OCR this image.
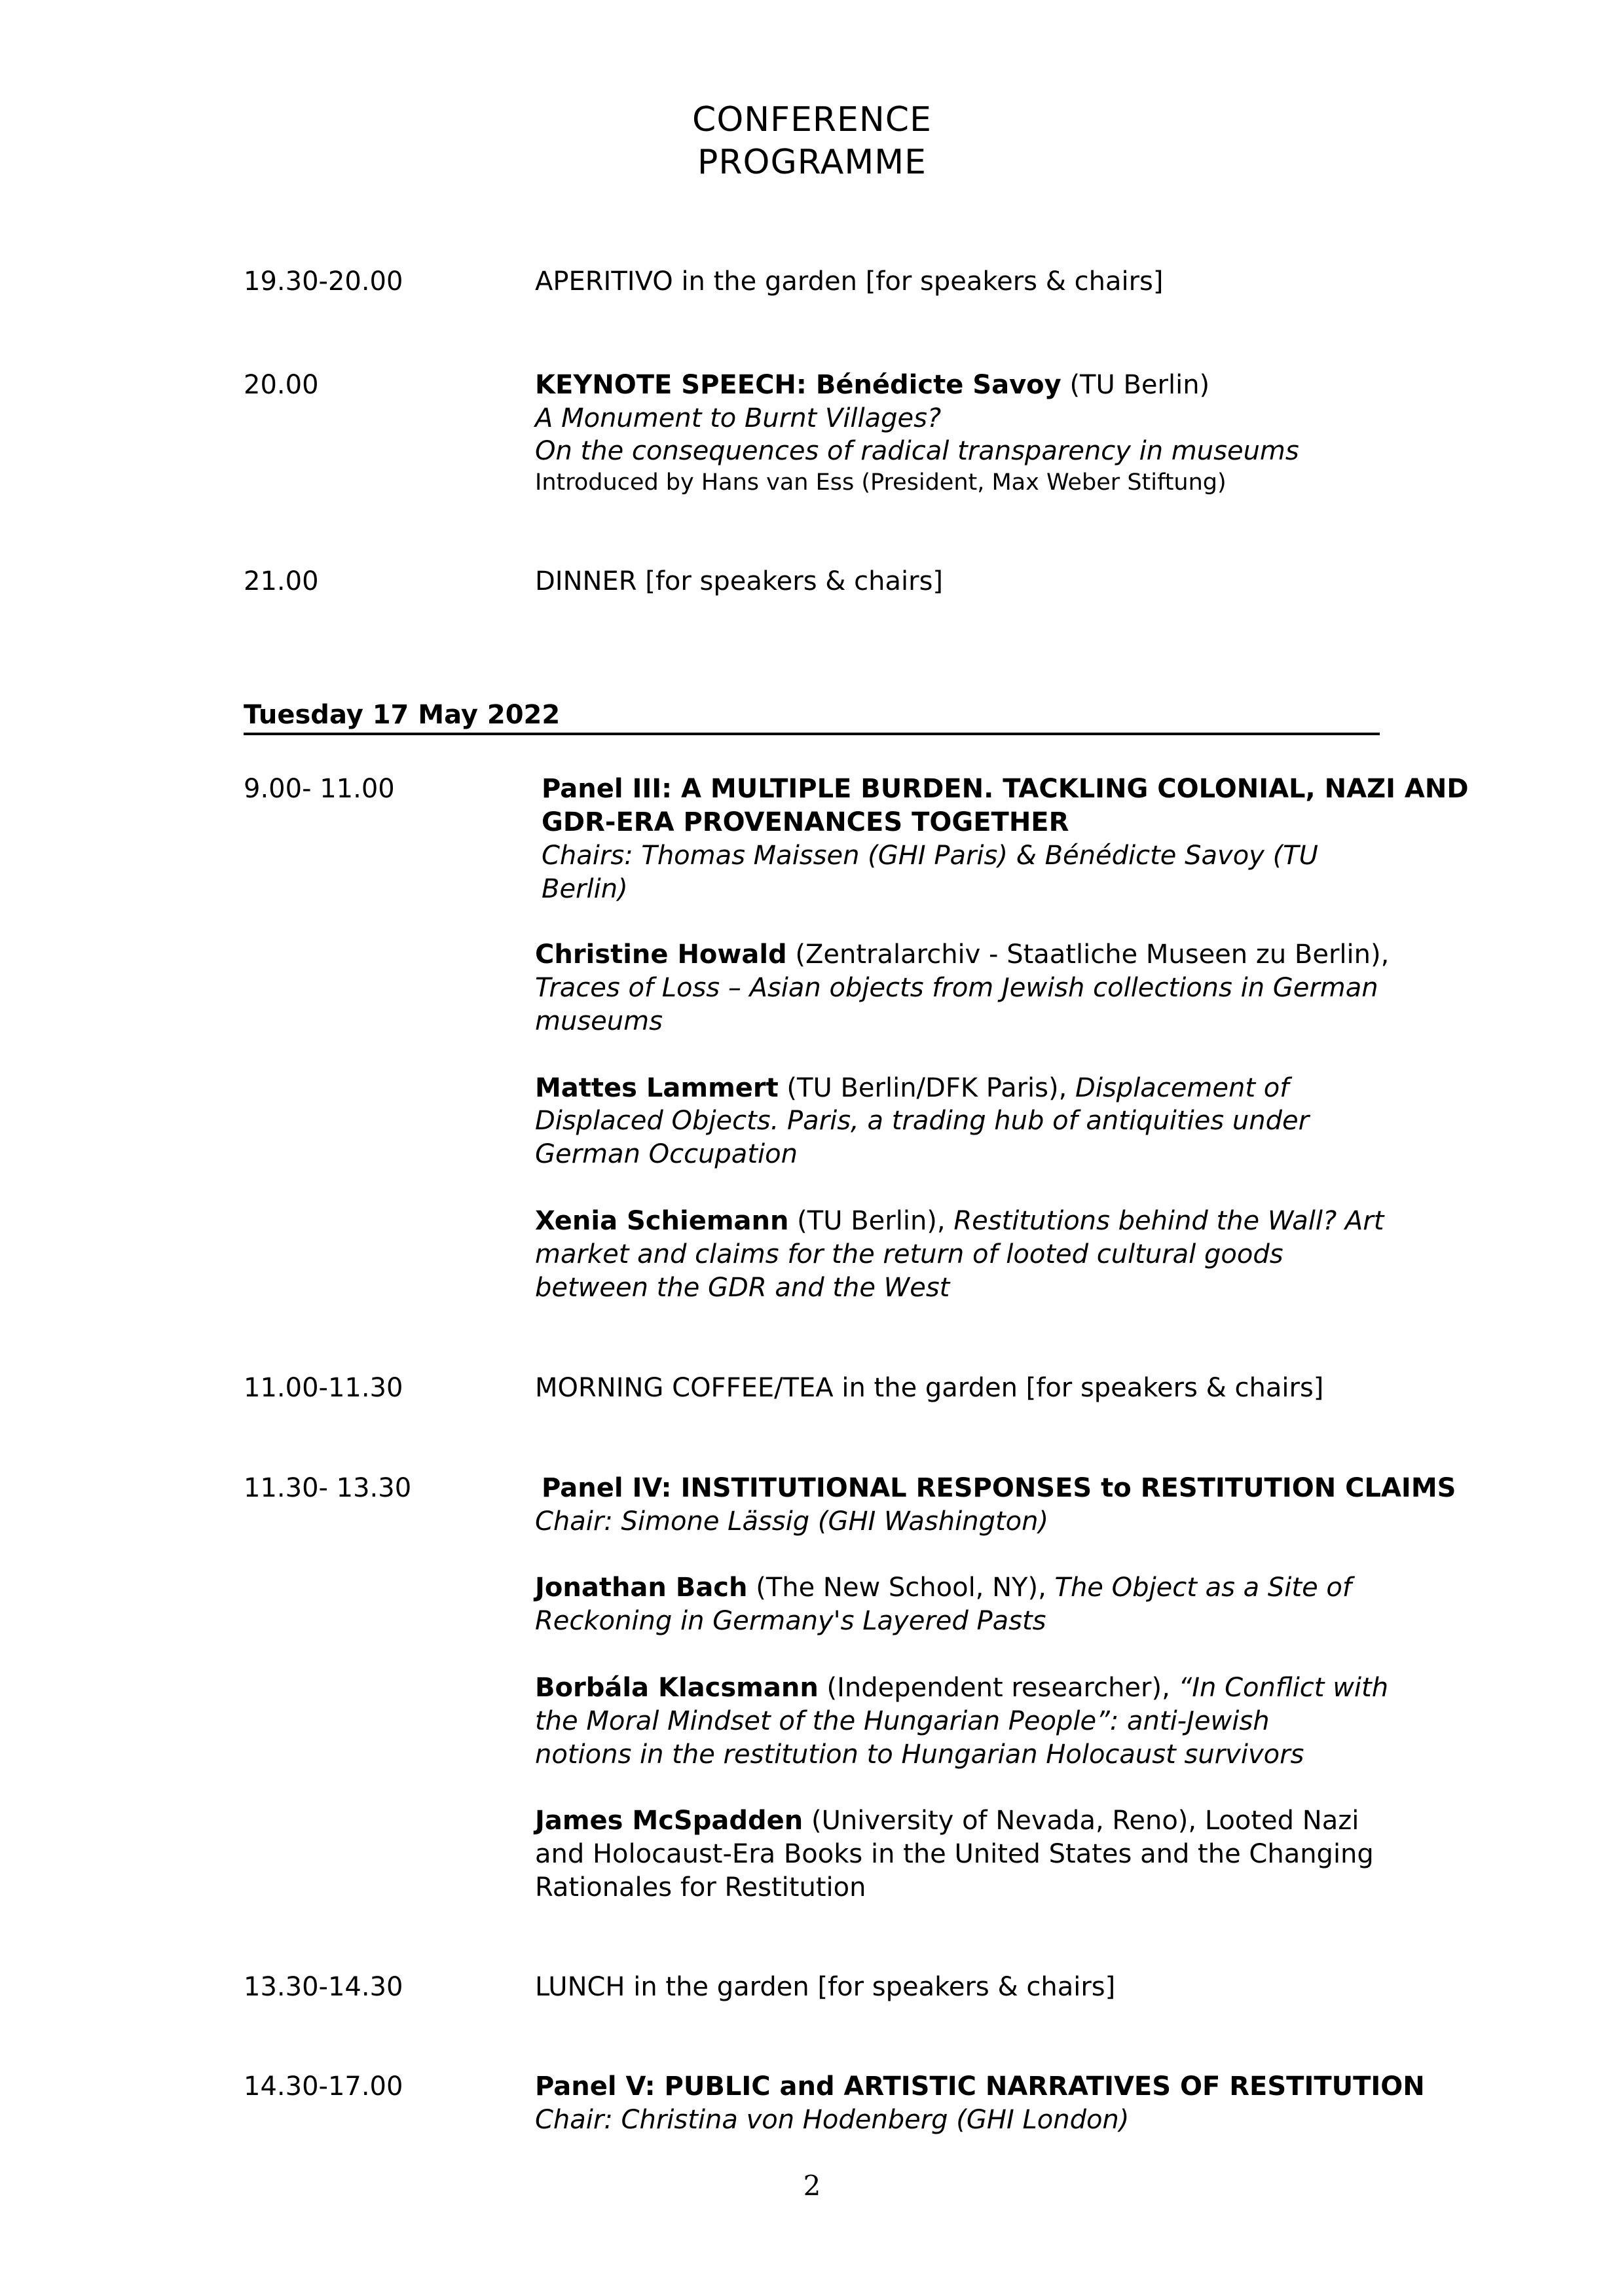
CONFERENCE
PROGRAMME
19.30-20.00	APERITIVO in the garden [for speakers & chairs]
20.00	KEYNOTE SPEECH: Bénédicte Savoy (TU Berlin)
A Monument to Burnt Villages?
On the consequences of radical transparency in museums
Introduced by Hans van Ess (President, Max Weber Stiftung)
21.00	DINNER [for speakers & chairs]
Tuesday 17 May 2022
9.00- 11.00	Panel III: A MULTIPLE BURDEN. TACKLING COLONIAL, NAZI AND
GDR-ERA PROVENANCES TOGETHER
Chairs: Thomas Maissen (GHI Paris) & Bénédicte Savoy (TU
Berlin)
Christine Howald (Zentralarchiv - Staatliche Museen zu Berlin),
Traces of Loss – Asian objects from Jewish collections in German
museums
Mattes Lammert (TU Berlin/DFK Paris), Displacement of
Displaced Objects. Paris, a trading hub of antiquities under
German Occupation
Xenia Schiemann (TU Berlin), Restitutions behind the Wall? Art
market and claims for the return of looted cultural goods
between the GDR and the West
11.00-11.30	MORNING COFFEE/TEA in the garden [for speakers & chairs]
11.30- 13.30	Panel IV: INSTITUTIONAL RESPONSES to RESTITUTION CLAIMS
Chair: Simone Lässig (GHI Washington)
Jonathan Bach (The New School, NY), The Object as a Site of
Reckoning in Germany's Layered Pasts
Borbála Klacsmann (Independent researcher), “In Conflict with
the Moral Mindset of the Hungarian People”: anti-Jewish
notions in the restitution to Hungarian Holocaust survivors
James McSpadden (University of Nevada, Reno), Looted Nazi
and Holocaust-Era Books in the United States and the Changing
Rationales for Restitution
13.30-14.30	LUNCH in the garden [for speakers & chairs]
14.30-17.00	Panel V: PUBLIC and ARTISTIC NARRATIVES OF RESTITUTION
Chair: Christina von Hodenberg (GHI London)
2
